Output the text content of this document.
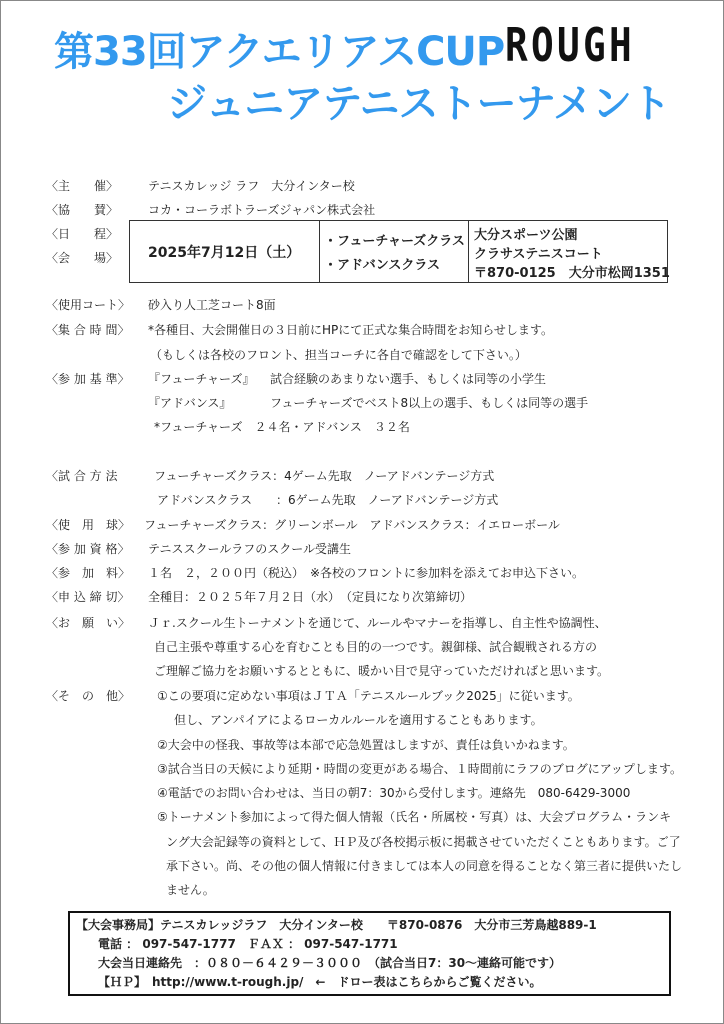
第33回アクエリアスCUP
ジュニアテニストーナメント
ROUGH
〈主　　催〉 テニスカレッジ ラフ　大分インター校
〈協　　賛〉 コカ・コーラボトラーズジャパン株式会社
〈日　　程〉
〈会　　場〉 2025年7月12日（土）
・フューチャーズクラス
・アドバンスクラス
大分スポーツ公園
クラサステニスコート
〒870-0125　大分市松岡1351
〈使用コート〉 砂入り人工芝コート8面
〈集 合 時 間〉 *各種目、大会開催日の３日前にHPにて正式な集合時間をお知らせします。
（もしくは各校のフロント、担当コーチに各自で確認をして下さい。）
〈参 加 基 準〉 『フューチャーズ』 試合経験のあまりない選手、もしくは同等の小学生
『アドバンス』	フューチャーズでベスト8以上の選手、もしくは同等の選手
*フューチャーズ　２４名・アドバンス　３２名
〈試 合 方 法	フューチャーズクラス：4ゲーム先取　ノーアドバンテージ方式
アドバンスクラス　　：6ゲーム先取　ノーアドバンテージ方式
〈使　用　球〉 フューチャーズクラス：グリーンボール　アドバンスクラス：イエローボール
〈参 加 資 格〉 テニススクールラフのスクール受講生
〈参　加　料〉 １名　２，２００円（税込）　※各校のフロントに参加料を添えてお申込下さい。
〈申 込 締 切〉 全種目：２０２５年７月２日（水）　（定員になり次第締切）
〈お　願　い〉 Ｊｒ.スクール生トーナメントを通じて、ルールやマナーを指導し、自主性や協調性、
自己主張や尊重する心を育むことも目的の一つです。親御様、試合観戦される方の
ご理解ご協力をお願いするとともに、暖かい目で見守っていただければと思います。
〈そ　の　他〉 ①この要項に定めない事項はＪＴＡ「テニスルールブック2025」に従います。
但し、アンパイアによるローカルルールを適用することもあります。
②大会中の怪我、事故等は本部で応急処置はしますが、責任は負いかねます。
③試合当日の天候により延期・時間の変更がある場合、１時間前にラフのブログにアップします。
④電話でのお問い合わせは、当日の朝7：30から受付します。連絡先　080-6429-3000
⑤トーナメント参加によって得た個人情報（氏名・所属校・写真）は、大会プログラム・ランキ
ング大会記録等の資料として、ＨＰ及び各校掲示板に掲載させていただくこともあります。ご了
承下さい。尚、その他の個人情報に付きましては本人の同意を得ることなく第三者に提供いたし
ません。
【大会事務局】テニスカレッジラフ　大分インター校　　〒870-0876　大分市三芳鳥越889-1
電話 ： 097-547-1777　ＦＡＸ ： 097-547-1771
大会当日連絡先　：０８０－６４２９－３０００　（試合当日7：30～連絡可能です）
【ＨＰ】　http://www.t-rough.jp/　←　ドロー表はこちらからご覧ください。
